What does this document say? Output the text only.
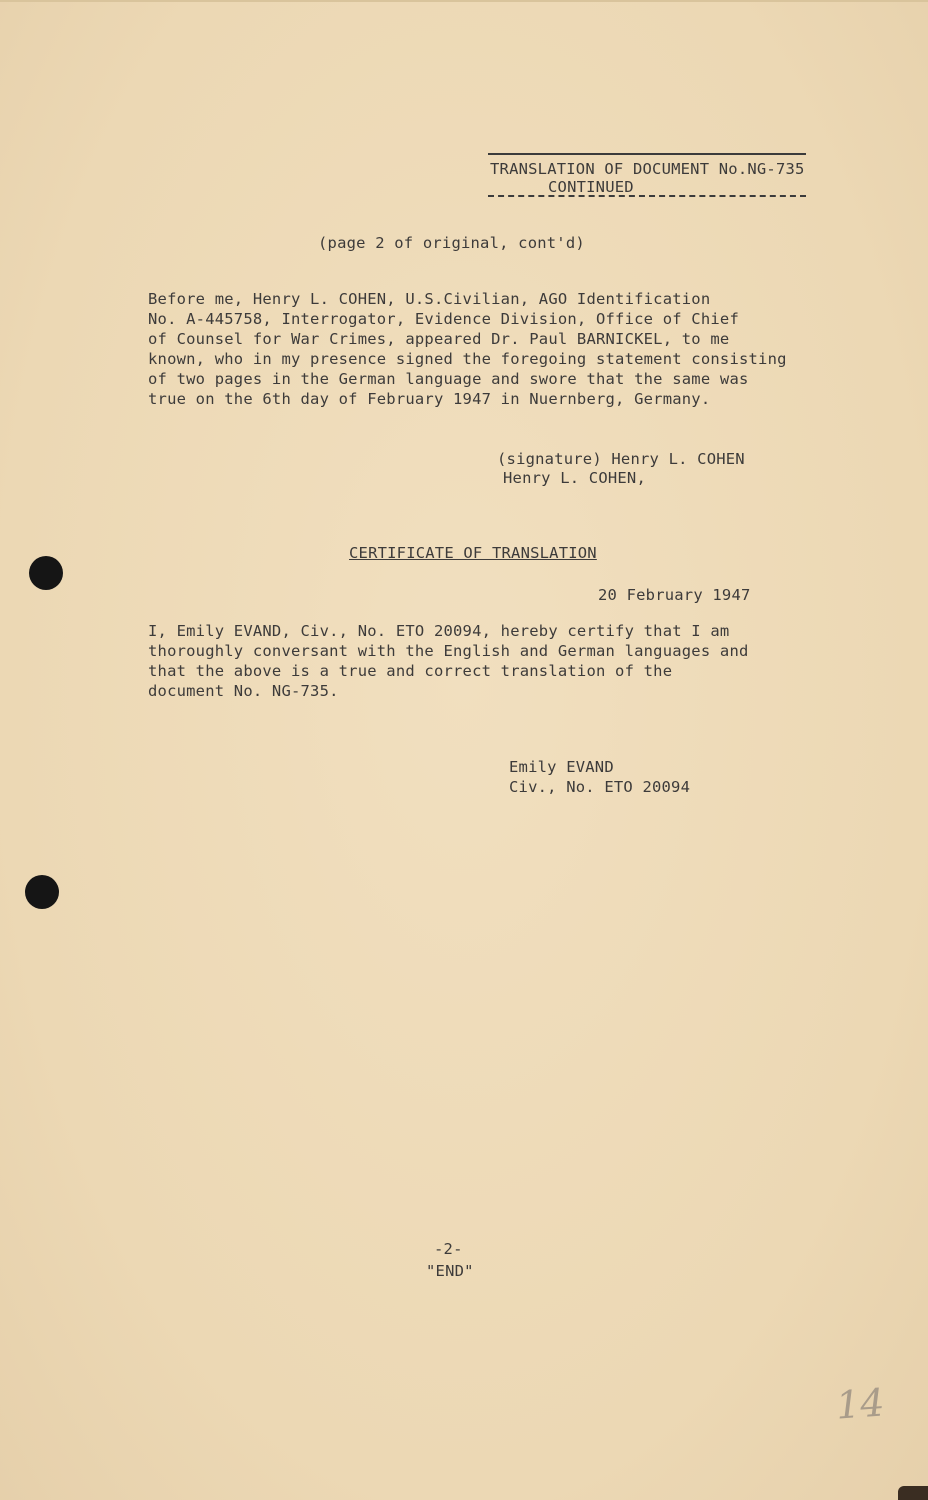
TRANSLATION OF DOCUMENT No.NG-735
CONTINUED
(page 2 of original, cont'd)
Before me, Henry L. COHEN, U.S.Civilian, AGO Identification
No. A-445758, Interrogator, Evidence Division, Office of Chief
of Counsel for War Crimes, appeared Dr. Paul BARNICKEL, to me
known, who in my presence signed the foregoing statement consisting
of two pages in the German language and swore that the same was
true on the 6th day of February 1947 in Nuernberg, Germany.
(signature) Henry L. COHEN
Henry L. COHEN,
CERTIFICATE OF TRANSLATION
20 February 1947
I, Emily EVAND, Civ., No. ETO 20094, hereby certify that I am
thoroughly conversant with the English and German languages and
that the above is a true and correct translation of the
document No. NG-735.
Emily EVAND
Civ., No. ETO 20094
-2-
"END"
14
